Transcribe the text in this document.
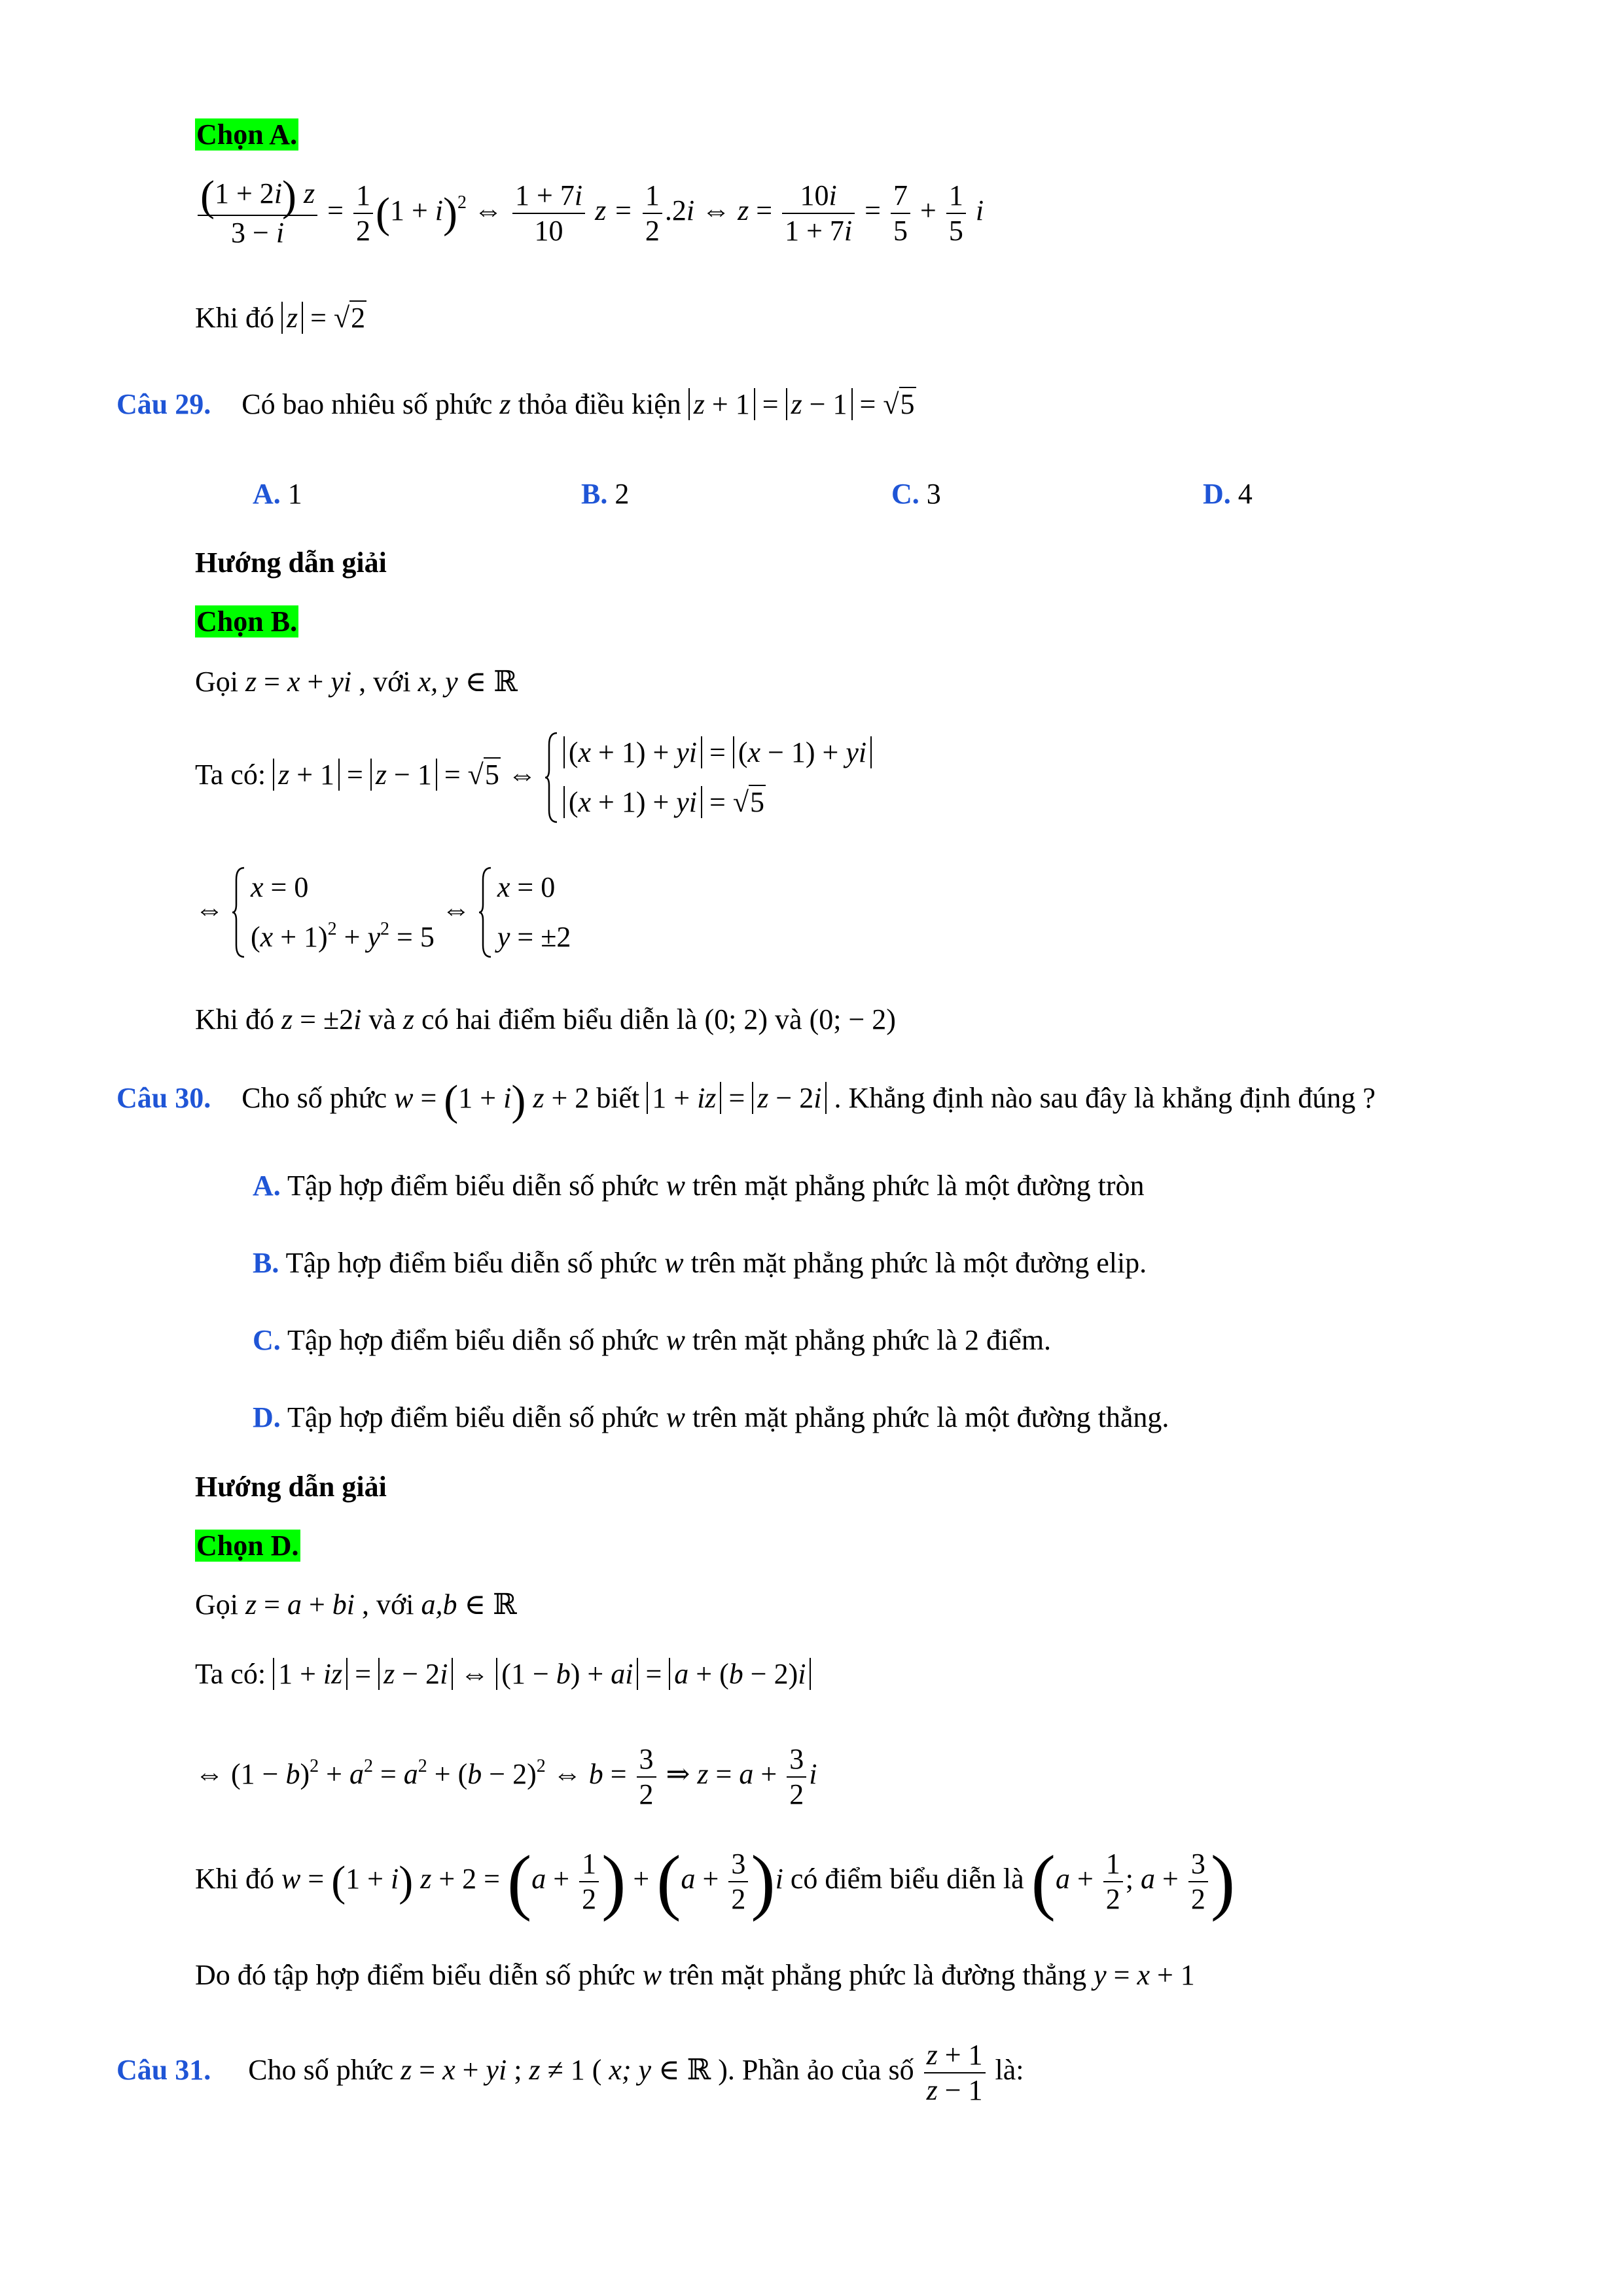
Chọn A.
$\frac{(1 + 2i) z}{3 - i} = \frac{1}{2} (1 + i)^2$ ⇔ $\frac{1 + 7i}{10}$ $z = \frac{1}{2} .2i$ ⇔ $z = \frac{10i}{1 + 7i} = \frac{7}{5} + \frac{1}{5}$ i
Khi đó z = √2
Câu 29. Có bao nhiêu số phức z thỏa điều kiện z + 1 = z − 1 = √5
A. 1	B. 2	C. 3	D. 4
Hướng dẫn giải
Chọn B.
Gọi z = x + yi , với x, y ∈ ℝ
Ta có: z + 1 = z − 1 = √5 ⇔
(x + 1) + yi = (x − 1) + yi
(x + 1) + yi = √5
⇔
x = 0
$(x + 1)^2 + y^2 = 5$
⇔
x = 0
y = ±2
Khi đó z = ±2i và z có hai điểm biểu diễn là (0; 2) và (0; − 2)
Câu 30. Cho số phức w = (1 + i) z + 2 biết 1 + iz = z − 2i . Khẳng định nào sau đây là khẳng định đúng ?
A. Tập hợp điểm biểu diễn số phức w trên mặt phẳng phức là một đường tròn
B. Tập hợp điểm biểu diễn số phức w trên mặt phẳng phức là một đường elip.
C. Tập hợp điểm biểu diễn số phức w trên mặt phẳng phức là 2 điểm.
D. Tập hợp điểm biểu diễn số phức w trên mặt phẳng phức là một đường thẳng.
Hướng dẫn giải
Chọn D.
Gọi z = a + bi , với a,b ∈ ℝ
Ta có: 1 + iz = z − 2i ⇔ (1 − b) + ai = a + (b − 2)i
⇔ $(1 - b)^2 + a^2 = a^2 + (b - 2)^2$ ⇔ $b = \frac{3}{2}$ ⇒ $z = a + \frac{3}{2}$ i
Khi đó w = (1 + i) $z + 2 = (a + \frac{1}{2}$ ) + $(a + \frac{3}{2} )i$ có điểm biểu diễn là ($a + \frac{1}{2}$ ; $a + \frac{3}{2}$ )
Do đó tập hợp điểm biểu diễn số phức w trên mặt phẳng phức là đường thẳng y = x + 1
Câu 31. Cho số phức z = x + yi ; z ≠ 1 ( x; y ∈ ℝ ). Phần ảo của số $\frac{z + 1}{z - 1}$ là:
